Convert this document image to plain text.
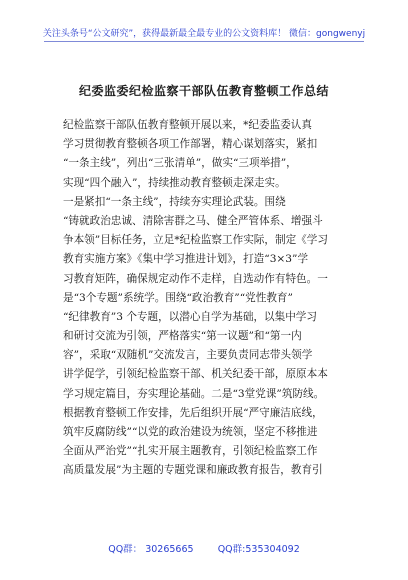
关注头条号“公文研究”，获得最新最全最专业的公文资料库！ 微信：gongwenyj
纪委监委纪检监察干部队伍教育整顿工作总结
纪检监察干部队伍教育整顿开展以来，*纪委监委认真
学习贯彻教育整顿各项工作部署，精心谋划落实，紧扣
“一条主线”，列出“三张清单”，做实“三项举措”，
实现“四个融入”，持续推动教育整顿走深走实。
一是紧扣“一条主线”，持续夯实理论武装。围绕
“铸就政治忠诚、清除害群之马、健全严管体系、增强斗
争本领”目标任务，立足*纪检监察工作实际，制定《学习
教育实施方案》《集中学习推进计划》，打造“3×3”学
习教育矩阵，确保规定动作不走样，自选动作有特色。一
是“3个专题”系统学。围绕“政治教育”“党性教育”
“纪律教育”3 个专题，以潜心自学为基础，以集中学习
和研讨交流为引领，严格落实“第一议题”和“第一内
容”，采取“双随机”交流发言，主要负责同志带头领学
讲学促学，引领纪检监察干部、机关纪委干部，原原本本
学习规定篇目，夯实理论基础。二是“3堂党课”筑防线。
根据教育整顿工作安排，先后组织开展“严守廉洁底线，
筑牢反腐防线”“以党的政治建设为统领，坚定不移推进
全面从严治党”“扎实开展主题教育，引领纪检监察工作
高质量发展”为主题的专题党课和廉政教育报告，教育引
QQ群： 30265665        QQ群:535304092
